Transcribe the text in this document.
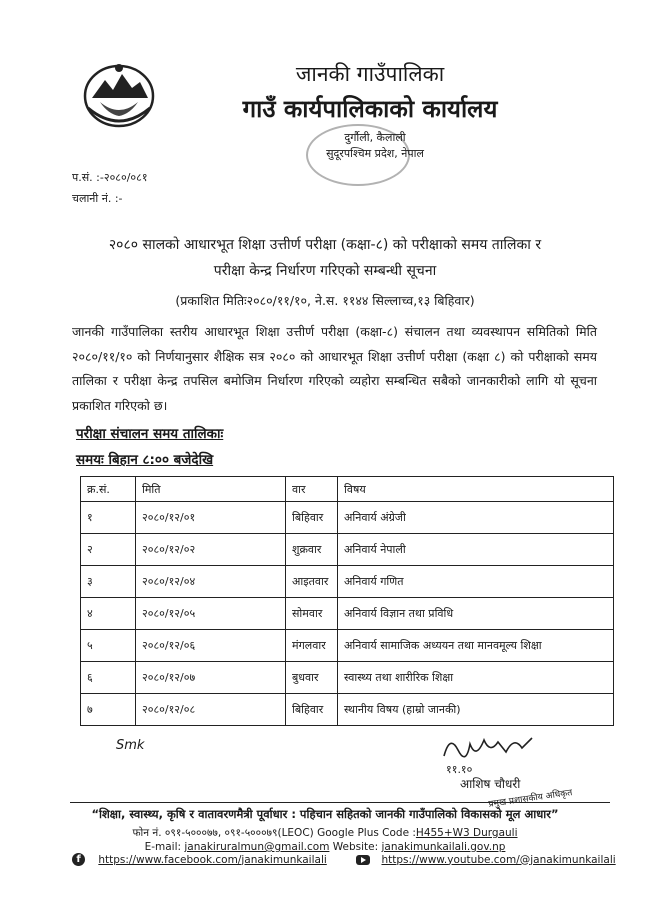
जानकी गाउँपालिका
गाउँ कार्यपालिकाको कार्यालय
दुर्गौली, कैलाली
सुदूरपश्चिम प्रदेश, नेपाल
प.सं. :-२०८०/०८१
चलानी नं. :-
२०८० सालको आधारभूत शिक्षा उत्तीर्ण परीक्षा (कक्षा-८) को परीक्षाको समय तालिका र
परीक्षा केन्द्र निर्धारण गरिएको सम्बन्धी सूचना
(प्रकाशित मितिः२०८०/११/१०, ने.स. ११४४ सिल्लाच्व,१३ बिहिवार)
जानकी गाउँपालिका स्तरीय आधारभूत शिक्षा उत्तीर्ण परीक्षा (कक्षा-८) संचालन तथा व्यवस्थापन समितिको मिति २०८०/११/१० को निर्णयानुसार शैक्षिक सत्र २०८० को आधारभूत शिक्षा उत्तीर्ण परीक्षा (कक्षा ८) को परीक्षाको समय तालिका र परीक्षा केन्द्र तपसिल बमोजिम निर्धारण गरिएको व्यहोरा सम्बन्धित सबैको जानकारीको लागि यो सूचना प्रकाशित गरिएको छ।
परीक्षा संचालन समय तालिकाः
समयः बिहान ८:०० बजेदेखि
क्र.सं.	मिति	वार	विषय
१	२०८०/१२/०१	बिहिवार	अनिवार्य अंग्रेजी
२	२०८०/१२/०२	शुक्रवार	अनिवार्य नेपाली
३	२०८०/१२/०४	आइतवार	अनिवार्य गणित
४	२०८०/१२/०५	सोमवार	अनिवार्य विज्ञान तथा प्रविधि
५	२०८०/१२/०६	मंगलवार	अनिवार्य सामाजिक अध्ययन तथा मानवमूल्य शिक्षा
६	२०८०/१२/०७	बुधवार	स्वास्थ्य तथा शारीरिक शिक्षा
७	२०८०/१२/०८	बिहिवार	स्थानीय विषय (हाम्रो जानकी)
Smk
११.१०
आशिष चौधरी
प्रमुख प्रशासकीय अधिकृत
“शिक्षा, स्वास्थ्य, कृषि र वातावरणमैत्री पूर्वाधार : पहिचान सहितको जानकी गाउँपालिको विकासको मूल आधार”
फोन नं. ०९१-५०००७७, ०९१-५०००७९(LEOC) Google Plus Code :H455+W3 Durgauli
E-mail: janakiruralmun@gmail.com Website: janakimunkailali.gov.np
f https://www.facebook.com/janakimunkailali	https://www.youtube.com/@janakimunkailali
